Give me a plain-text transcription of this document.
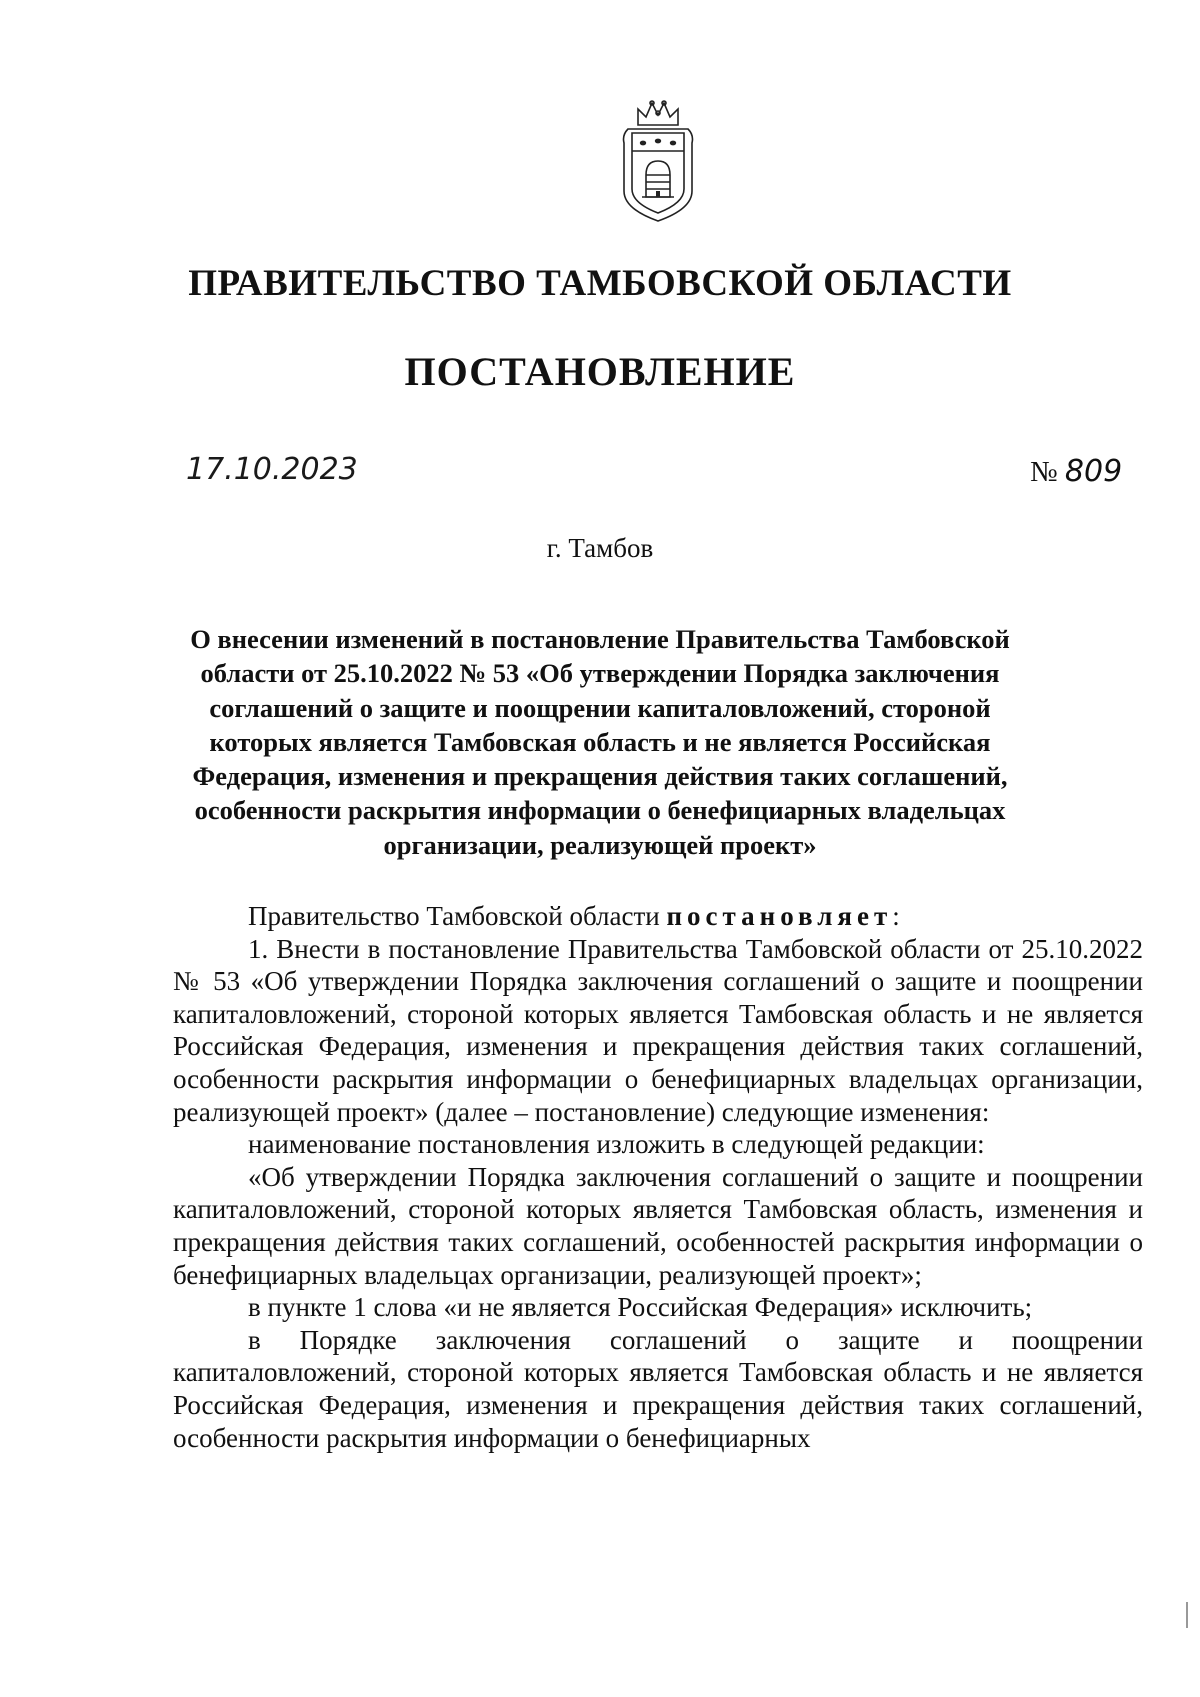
ПРАВИТЕЛЬСТВО ТАМБОВСКОЙ ОБЛАСТИ
ПОСТАНОВЛЕНИЕ
17.10.2023	№ 809
г. Тамбов

О внесении изменений в постановление Правительства Тамбовской области от 25.10.2022 № 53 «Об утверждении Порядка заключения соглашений о защите и поощрении капиталовложений, стороной которых является Тамбовская область и не является Российская Федерация, изменения и прекращения действия таких соглашений, особенности раскрытия информации о бенефициарных владельцах организации, реализующей проект»

Правительство Тамбовской области постановляет:

1. Внести в постановление Правительства Тамбовской области от 25.10.2022 № 53 «Об утверждении Порядка заключения соглашений о защите и поощрении капиталовложений, стороной которых является Тамбовская область и не является Российская Федерация, изменения и прекращения действия таких соглашений, особенности раскрытия информации о бенефициарных владельцах организации, реализующей проект» (далее – постановление) следующие изменения:

наименование постановления изложить в следующей редакции:

«Об утверждении Порядка заключения соглашений о защите и поощрении капиталовложений, стороной которых является Тамбовская область, изменения и прекращения действия таких соглашений, особенностей раскрытия информации о бенефициарных владельцах организации, реализующей проект»;

в пункте 1 слова «и не является Российская Федерация» исключить;

в Порядке заключения соглашений о защите и поощрении капиталовложений, стороной которых является Тамбовская область и не является Российская Федерация, изменения и прекращения действия таких соглашений, особенности раскрытия информации о бенефициарных
